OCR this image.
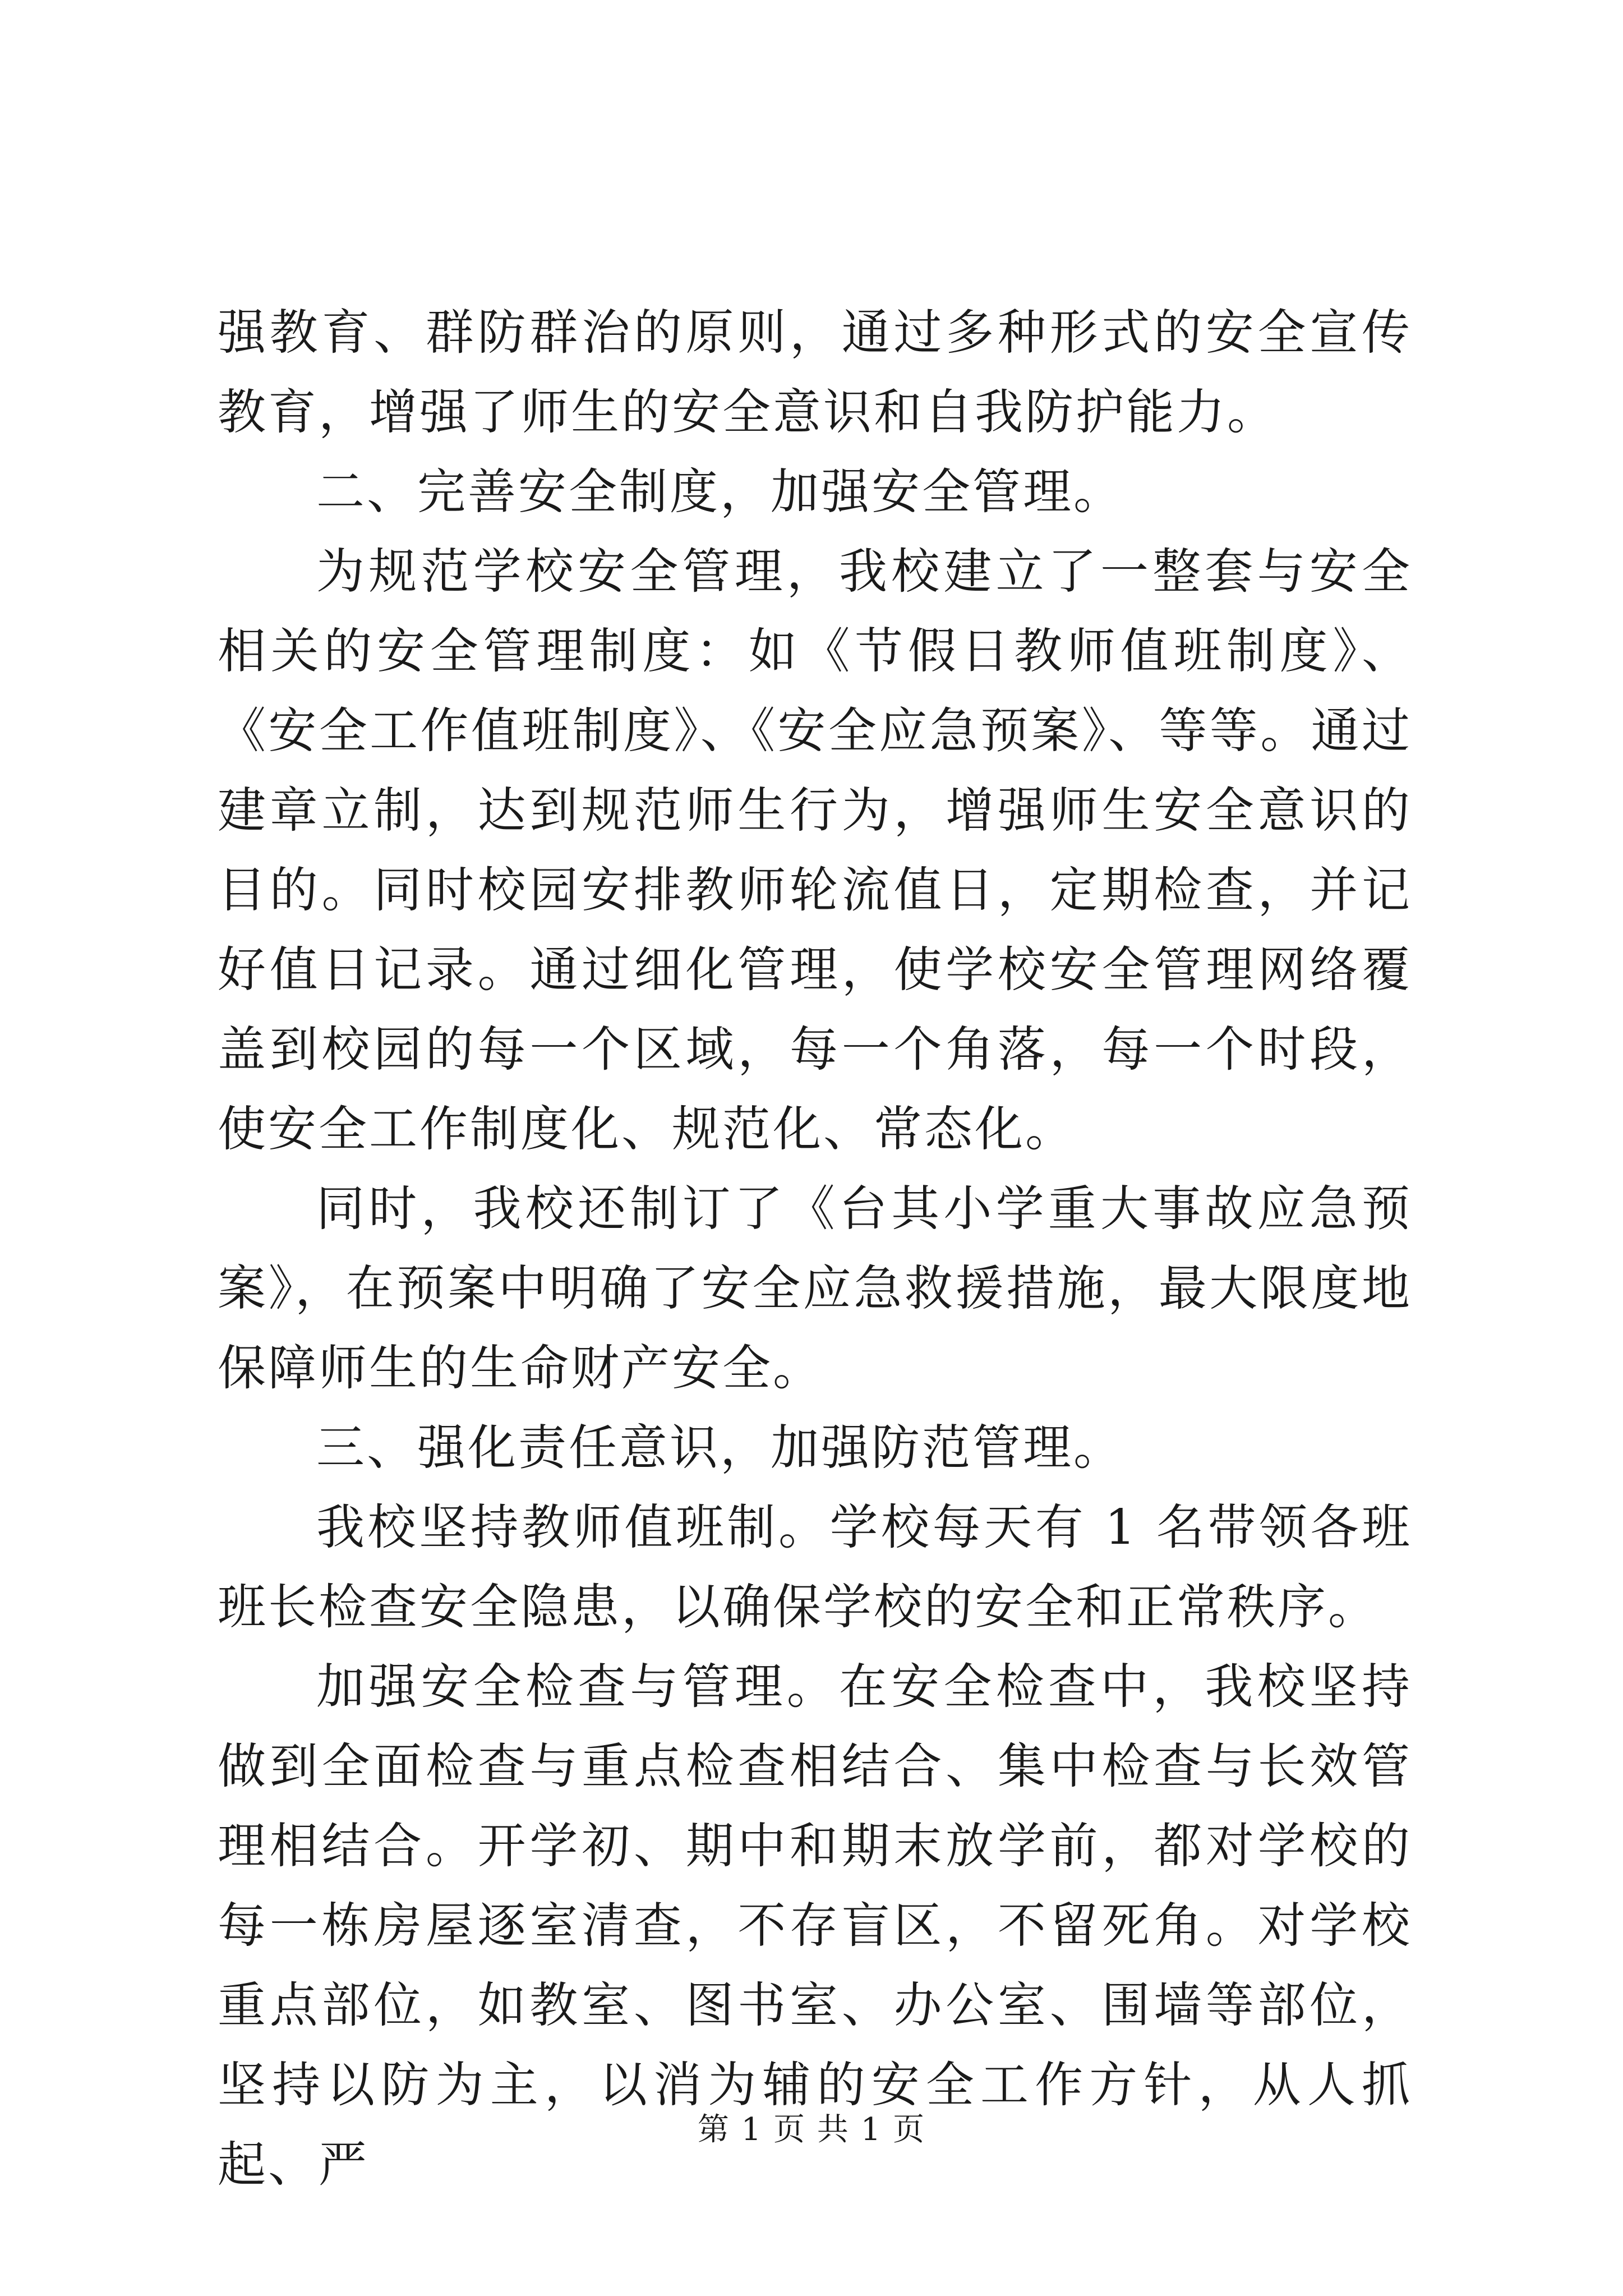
强教育、群防群治的原则，通过多种形式的安全宣传教育，增强了师生的安全意识和自我防护能力。

二、完善安全制度，加强安全管理。

为规范学校安全管理，我校建立了一整套与安全相关的安全管理制度：如《节假日教师值班制度》、《安全工作值班制度》、《安全应急预案》、等等。通过建章立制，达到规范师生行为，增强师生安全意识的目的。同时校园安排教师轮流值日，定期检查，并记好值日记录。通过细化管理，使学校安全管理网络覆盖到校园的每一个区域，每一个角落，每一个时段，使安全工作制度化、规范化、常态化。

同时，我校还制订了《台其小学重大事故应急预案》，在预案中明确了安全应急救援措施，最大限度地保障师生的生命财产安全。

三、强化责任意识，加强防范管理。

我校坚持教师值班制。学校每天有 1 名带领各班班长检查安全隐患，以确保学校的安全和正常秩序。

加强安全检查与管理。在安全检查中，我校坚持做到全面检查与重点检查相结合、集中检查与长效管理相结合。开学初、期中和期末放学前，都对学校的每一栋房屋逐室清查，不存盲区，不留死角。对学校重点部位，如教室、图书室、办公室、围墙等部位，坚持以防为主，以消为辅的安全工作方针，从人抓起、严

第 1 页 共 1 页
